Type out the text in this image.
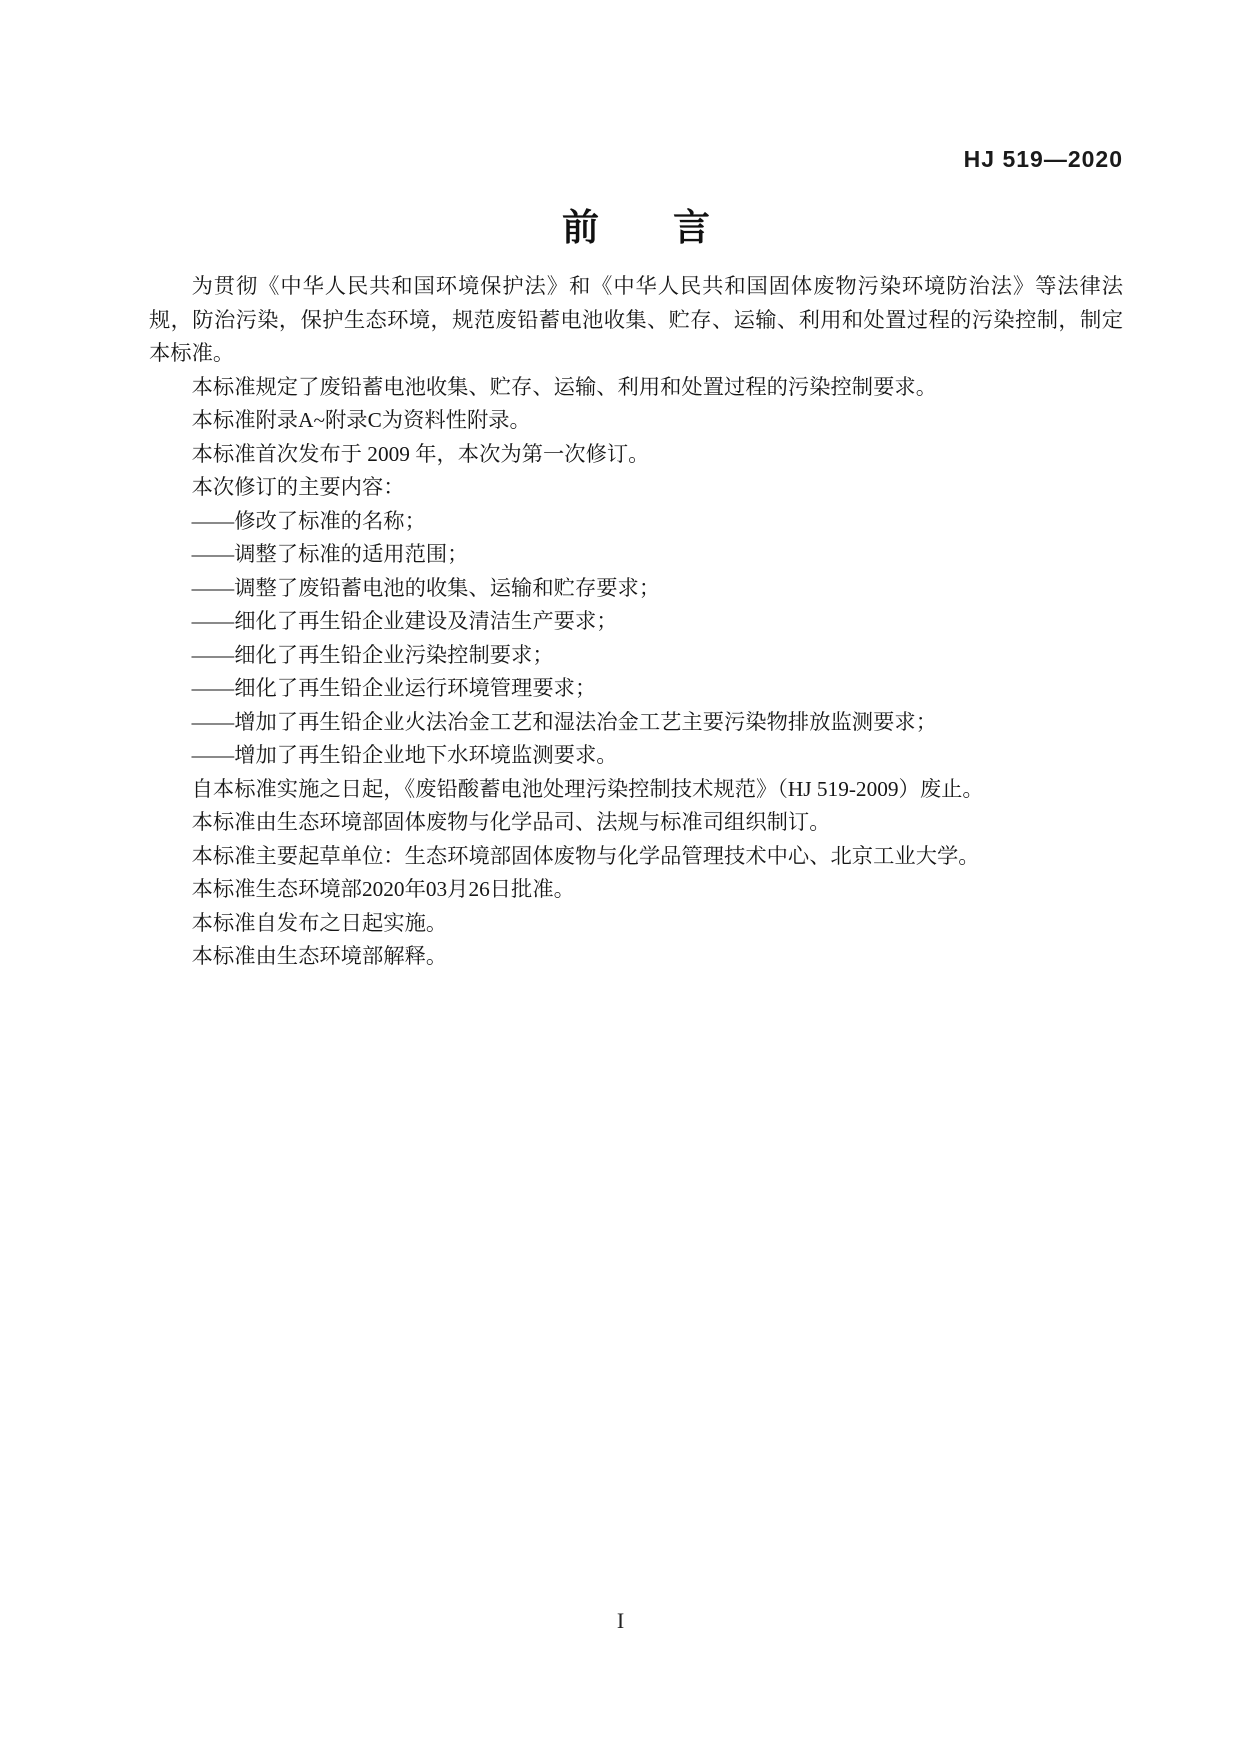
HJ 519—2020
前　　言

为贯彻《中华人民共和国环境保护法》和《中华人民共和国固体废物污染环境防治法》等法律法规，防治污染，保护生态环境，规范废铅蓄电池收集、贮存、运输、利用和处置过程的污染控制，制定本标准。

本标准规定了废铅蓄电池收集、贮存、运输、利用和处置过程的污染控制要求。

本标准附录A~附录C为资料性附录。

本标准首次发布于 2009 年，本次为第一次修订。

本次修订的主要内容：

——修改了标准的名称；

——调整了标准的适用范围；

——调整了废铅蓄电池的收集、运输和贮存要求；

——细化了再生铅企业建设及清洁生产要求；

——细化了再生铅企业污染控制要求；

——细化了再生铅企业运行环境管理要求；

——增加了再生铅企业火法冶金工艺和湿法冶金工艺主要污染物排放监测要求；

——增加了再生铅企业地下水环境监测要求。

自本标准实施之日起，《废铅酸蓄电池处理污染控制技术规范》（HJ 519-2009）废止。

本标准由生态环境部固体废物与化学品司、法规与标准司组织制订。

本标准主要起草单位：生态环境部固体废物与化学品管理技术中心、北京工业大学。

本标准生态环境部2020年03月26日批准。

本标准自发布之日起实施。

本标准由生态环境部解释。

I
